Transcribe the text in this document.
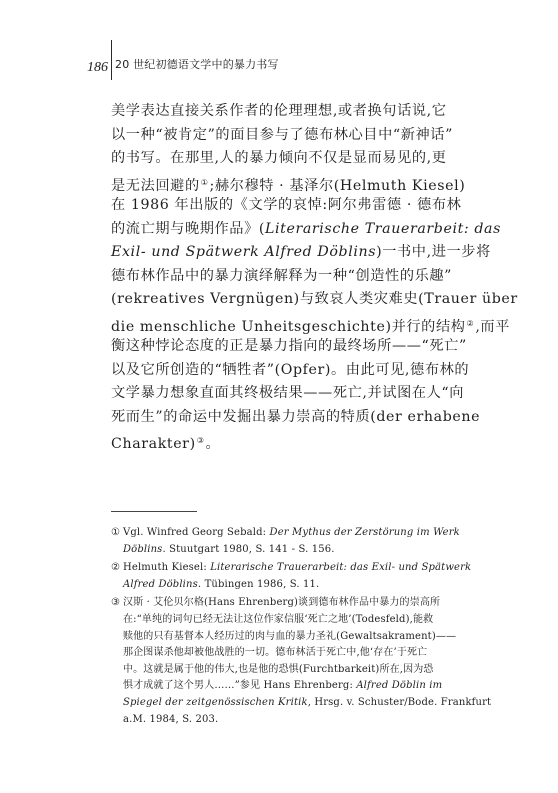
186 20 世纪初德语文学中的暴力书写
美学表达直接关系作者的伦理理想,或者换句话说,它
以一种“被肯定”的面目参与了德布林心目中“新神话”
的书写。在那里,人的暴力倾向不仅是显而易见的,更
是无法回避的①;赫尔穆特 · 基泽尔(Helmuth Kiesel)
在 1986 年出版的《文学的哀悼:阿尔弗雷德 · 德布林
的流亡期与晚期作品》(Literarische Trauerarbeit: das
Exil- und Spätwerk Alfred Döblins)一书中,进一步将
德布林作品中的暴力演绎解释为一种“创造性的乐趣”
(rekreatives Vergnügen)与致哀人类灾难史(Trauer über
die menschliche Unheitsgeschichte)并行的结构②,而平
衡这种悖论态度的正是暴力指向的最终场所——“死亡”
以及它所创造的“牺牲者”(Opfer)。由此可见,德布林的
文学暴力想象直面其终极结果——死亡,并试图在人“向
死而生”的命运中发掘出暴力崇高的特质(der erhabene
Charakter)③。
① Vgl. Winfred Georg Sebald: Der Mythus der Zerstörung im Werk
Döblins. Stuutgart 1980, S. 141 - S. 156.
② Helmuth Kiesel: Literarische Trauerarbeit: das Exil- und Spätwerk
Alfred Döblins. Tübingen 1986, S. 11.
③ 汉斯 · 艾伦贝尔格(Hans Ehrenberg)谈到德布林作品中暴力的崇高所
在:“单纯的词句已经无法让这位作家信服‘死亡之地’(Todesfeld),能救
赎他的只有基督本人经历过的肉与血的暴力圣礼(Gewaltsakrament)——
那企图谋杀他却被他战胜的一切。德布林活于死亡中,他‘存在’于死亡
中。这就是属于他的伟大,也是他的恐惧(Furchtbarkeit)所在,因为恐
惧才成就了这个男人……”参见 Hans Ehrenberg: Alfred Döblin im
Spiegel der zeitgenössischen Kritik, Hrsg. v. Schuster/Bode. Frankfurt
a.M. 1984, S. 203.
